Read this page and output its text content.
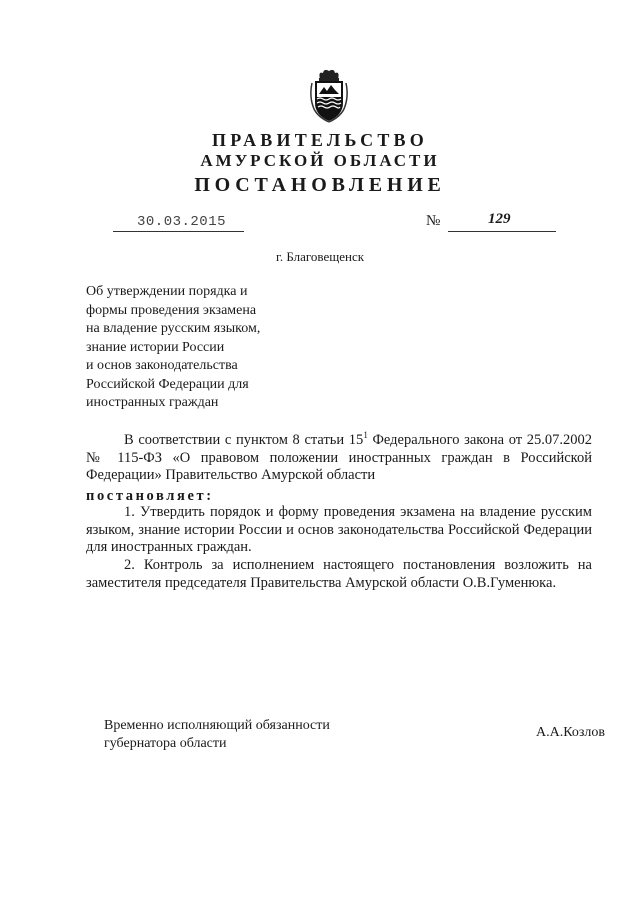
ПРАВИТЕЛЬСТВО
АМУРСКОЙ ОБЛАСТИ
ПОСТАНОВЛЕНИЕ
30.03.2015	№	129
г. Благовещенск
Об утверждении порядка и
формы проведения экзамена
на владение русским языком,
знание истории России
и основ законодательства
Российской Федерации для
иностранных граждан
В соответствии с пунктом 8 статьи $15^1$ Федерального закона от 25.07.2002 № 115-ФЗ «О правовом положении иностранных граждан в Российской Федерации» Правительство Амурской области
постановляет:
1. Утвердить порядок и форму проведения экзамена на владение русским языком, знание истории России и основ законодательства Российской Федерации для иностранных граждан.
2. Контроль за исполнением настоящего постановления возложить на заместителя председателя Правительства Амурской области О.В.Гуменюка.
Временно исполняющий обязанности
губернатора области
А.А.Козлов
